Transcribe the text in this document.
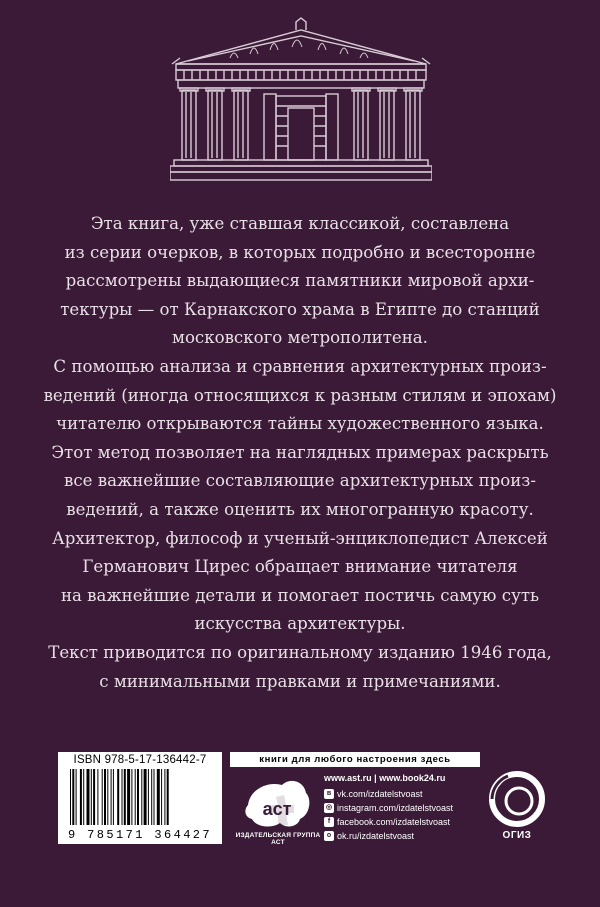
Эта книга, уже ставшая классикой, составлена
из серии очерков, в которых подробно и всесторонне
рассмотрены выдающиеся памятники мировой архи-
тектуры — от Карнакского храма в Египте до станций
московского метрополитена.

С помощью анализа и сравнения архитектурных произ-
ведений (иногда относящихся к разным стилям и эпохам)
читателю открываются тайны художественного языка.

Этот метод позволяет на наглядных примерах раскрыть
все важнейшие составляющие архитектурных произ-
ведений, а также оценить их многогранную красоту.

Архитектор, философ и ученый-энциклопедист Алексей
Германович Цирес обращает внимание читателя
на важнейшие детали и помогает постичь самую суть
искусства архитектуры.

Текст приводится по оригинальному изданию 1946 года,
с минимальными правками и примечаниями.

ISBN 978-5-17-136442-7
9 785171 364427
книги для любого настроения здесь
аст
ИЗДАТЕЛЬСКАЯ ГРУППА АСТ
www.ast.ru | www.book24.ru
в vk.com/izdatelstvoast
◎ instagram.com/izdatelstvoast
f facebook.com/izdatelstvoast
о ok.ru/izdatelstvoast	ОГИЗ
